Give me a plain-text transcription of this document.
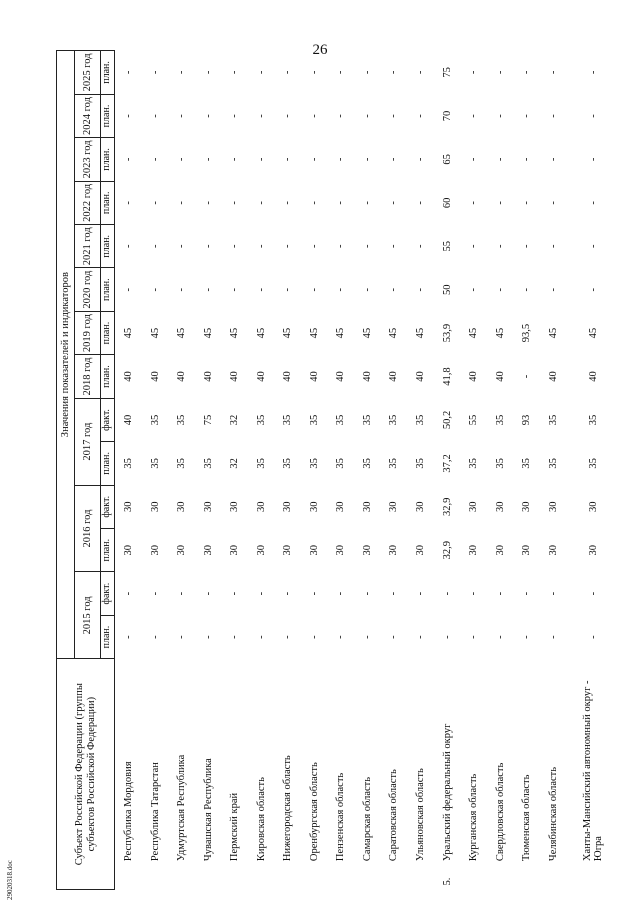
26
Субъект Российской Федерации (группы субъектов Российской Федерации)		Значения показателей и индикаторов													
		2015 год		2016 год		2017 год		2018 год	2019 год	2020 год	2021 год	2022 год	2023 год	2024 год	2025 год
		план.	факт.	план.	факт.	план.	факт.	план.	план.	план.	план.	план.	план.	план.	план.
	Республика Мордовия	-	-	30	30	35	40	40	45	-	-	-	-	-	-
	Республика Татарстан	-	-	30	30	35	35	40	45	-	-	-	-	-	-
	Удмуртская Республика	-	-	30	30	35	35	40	45	-	-	-	-	-	-
	Чувашская Республика	-	-	30	30	35	75	40	45	-	-	-	-	-	-
	Пермский край	-	-	30	30	32	32	40	45	-	-	-	-	-	-
	Кировская область	-	-	30	30	35	35	40	45	-	-	-	-	-	-
	Нижегородская область	-	-	30	30	35	35	40	45	-	-	-	-	-	-
	Оренбургская область	-	-	30	30	35	35	40	45	-	-	-	-	-	-
	Пензенская область	-	-	30	30	35	35	40	45	-	-	-	-	-	-
	Самарская область	-	-	30	30	35	35	40	45	-	-	-	-	-	-
	Саратовская область	-	-	30	30	35	35	40	45	-	-	-	-	-	-
	Ульяновская область	-	-	30	30	35	35	40	45	-	-	-	-	-	-
5.	Уральский федеральный округ	-	-	32,9	32,9	37,2	50,2	41,8	53,9	50	55	60	65	70	75
	Курганская область	-	-	30	30	35	55	40	45	-	-	-	-	-	-
	Свердловская область	-	-	30	30	35	35	40	45	-	-	-	-	-	-
	Тюменская область	-	-	30	30	35	93	-	93,5	-	-	-	-	-	-
	Челябинская область	-	-	30	30	35	35	40	45	-	-	-	-	-	-
	Ханты-Мансийский автономный округ - Югра	-	-	30	30	35	35	40	45	-	-	-	-	-	-
29020318.doc
